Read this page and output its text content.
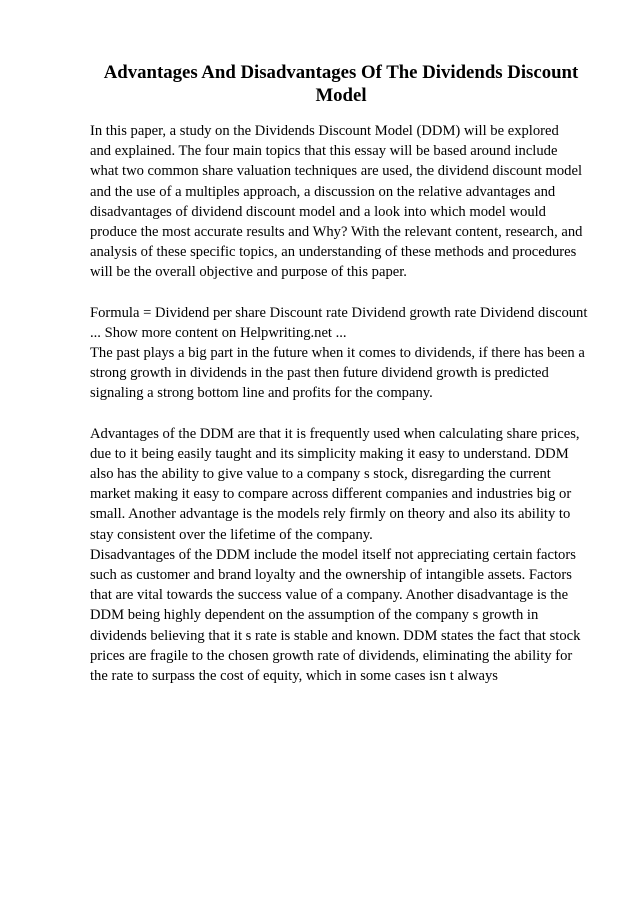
Advantages And Disadvantages Of The Dividends Discount
Model

In this paper, a study on the Dividends Discount Model (DDM) will be explored
and explained. The four main topics that this essay will be based around include
what two common share valuation techniques are used, the dividend discount model
and the use of a multiples approach, a discussion on the relative advantages and
disadvantages of dividend discount model and a look into which model would
produce the most accurate results and Why? With the relevant content, research, and
analysis of these specific topics, an understanding of these methods and procedures
will be the overall objective and purpose of this paper.

Formula = Dividend per share Discount rate Dividend growth rate Dividend discount
... Show more content on Helpwriting.net ...

The past plays a big part in the future when it comes to dividends, if there has been a
strong growth in dividends in the past then future dividend growth is predicted
signaling a strong bottom line and profits for the company.

Advantages of the DDM are that it is frequently used when calculating share prices,
due to it being easily taught and its simplicity making it easy to understand. DDM
also has the ability to give value to a company s stock, disregarding the current
market making it easy to compare across different companies and industries big or
small. Another advantage is the models rely firmly on theory and also its ability to
stay consistent over the lifetime of the company.

Disadvantages of the DDM include the model itself not appreciating certain factors
such as customer and brand loyalty and the ownership of intangible assets. Factors
that are vital towards the success value of a company. Another disadvantage is the
DDM being highly dependent on the assumption of the company s growth in
dividends believing that it s rate is stable and known. DDM states the fact that stock
prices are fragile to the chosen growth rate of dividends, eliminating the ability for
the rate to surpass the cost of equity, which in some cases isn t always
